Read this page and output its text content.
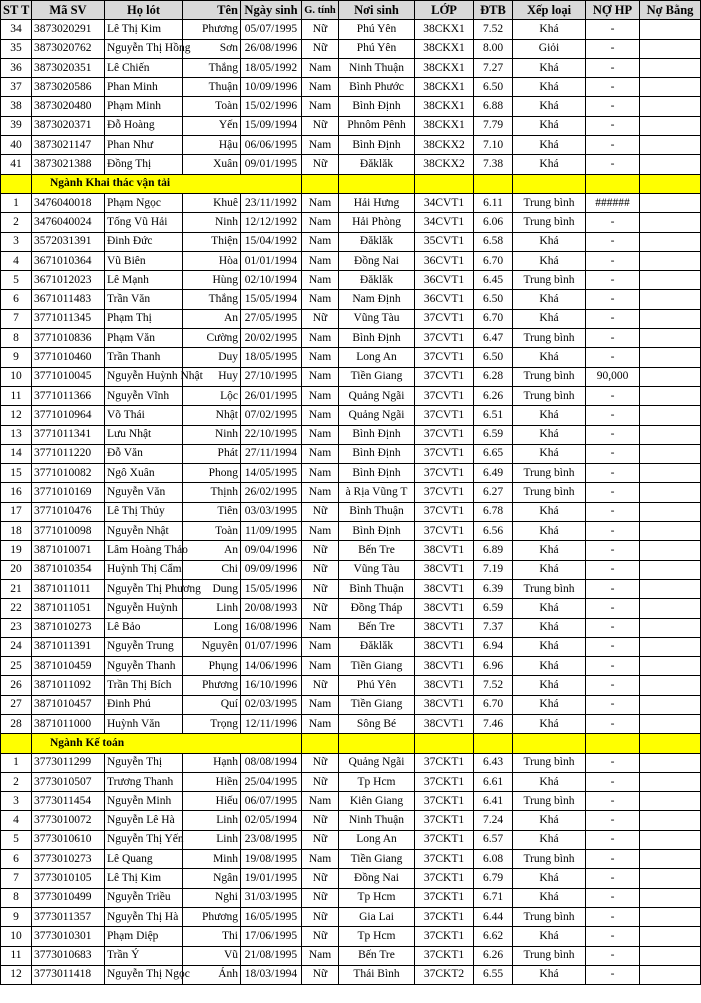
ST T	Mã SV	Họ lót	Tên	Ngày sinh	G. tính	Nơi sinh	LỚP	ĐTB	Xếp loại	NỢ HP	Nợ Bằng
34	3873020291	Lê Thị Kim	Phương	05/07/1995	Nữ	Phú Yên	38CKX1	7.52	Khá	-	
35	3873020762	Nguyễn Thị Hồng	Sơn	26/08/1996	Nữ	Phú Yên	38CKX1	8.00	Giỏi	-	
36	3873020351	Lê Chiến	Thắng	18/05/1992	Nam	Ninh Thuận	38CKX1	7.27	Khá	-	
37	3873020586	Phan Minh	Thuận	10/09/1996	Nam	Bình Phước	38CKX1	6.50	Khá	-	
38	3873020480	Phạm Minh	Toàn	15/02/1996	Nam	Bình Định	38CKX1	6.88	Khá	-	
39	3873020371	Đỗ Hoàng	Yến	15/09/1994	Nữ	Phnôm Pênh	38CKX1	7.79	Khá	-	
40	3873021147	Phan Như	Hậu	06/06/1995	Nam	Bình Định	38CKX2	7.10	Khá	-	
41	3873021388	Đồng Thị	Xuân	09/01/1995	Nữ	Đăklăk	38CKX2	7.38	Khá	-	
	Ngành Khai thác vận tải										
1	3476040018	Phạm Ngọc	Khuê	23/11/1992	Nam	Hải Hưng	34CVT1	6.11	Trung bình	######	
2	3476040024	Tống Vũ Hải	Ninh	12/12/1992	Nam	Hải Phòng	34CVT1	6.06	Trung bình	-	
3	3572031391	Đinh Đức	Thiện	15/04/1992	Nam	Đăklăk	35CVT1	6.58	Khá	-	
4	3671010364	Vũ Biên	Hòa	01/01/1994	Nam	Đồng Nai	36CVT1	6.70	Khá	-	
5	3671012023	Lê Mạnh	Hùng	02/10/1994	Nam	Đăklăk	36CVT1	6.45	Trung bình	-	
6	3671011483	Trần Văn	Thắng	15/05/1994	Nam	Nam Định	36CVT1	6.50	Khá	-	
7	3771011345	Phạm Thị	An	27/05/1995	Nữ	Vũng Tàu	37CVT1	6.70	Khá	-	
8	3771010836	Phạm Văn	Cường	20/02/1995	Nam	Bình Định	37CVT1	6.47	Trung bình	-	
9	3771010460	Trần Thanh	Duy	18/05/1995	Nam	Long An	37CVT1	6.50	Khá	-	
10	3771010045	Nguyễn Huỳnh Nhật	Huy	27/10/1995	Nam	Tiền Giang	37CVT1	6.28	Trung bình	90,000	
11	3771011366	Nguyễn Vĩnh	Lộc	26/01/1995	Nam	Quảng Ngãi	37CVT1	6.26	Trung bình	-	
12	3771010964	Võ Thái	Nhật	07/02/1995	Nam	Quảng Ngãi	37CVT1	6.51	Khá	-	
13	3771011341	Lưu Nhật	Ninh	22/10/1995	Nam	Bình Định	37CVT1	6.59	Khá	-	
14	3771011220	Đỗ Văn	Phát	27/11/1994	Nam	Bình Định	37CVT1	6.65	Khá	-	
15	3771010082	Ngô Xuân	Phong	14/05/1995	Nam	Bình Định	37CVT1	6.49	Trung bình	-	
16	3771010169	Nguyễn Văn	Thịnh	26/02/1995	Nam	à Rịa Vũng T	37CVT1	6.27	Trung bình	-	
17	3771010476	Lê Thị Thủy	Tiên	03/03/1995	Nữ	Bình Thuận	37CVT1	6.78	Khá	-	
18	3771010098	Nguyễn Nhật	Toàn	11/09/1995	Nam	Bình Định	37CVT1	6.56	Khá	-	
19	3871010071	Lâm Hoàng Thảo	An	09/04/1996	Nữ	Bến Tre	38CVT1	6.89	Khá	-	
20	3871010354	Huỳnh Thị Cẩm	Chi	09/09/1996	Nữ	Vũng Tàu	38CVT1	7.19	Khá	-	
21	3871011011	Nguyễn Thị Phương	Dung	15/05/1996	Nữ	Bình Thuận	38CVT1	6.39	Trung bình	-	
22	3871011051	Nguyễn Huỳnh	Linh	20/08/1993	Nữ	Đồng Tháp	38CVT1	6.59	Khá	-	
23	3871010273	Lê Bảo	Long	16/08/1996	Nam	Bến Tre	38CVT1	7.37	Khá	-	
24	3871011391	Nguyễn Trung	Nguyên	01/07/1996	Nam	Đăklăk	38CVT1	6.94	Khá	-	
25	3871010459	Nguyễn Thanh	Phụng	14/06/1996	Nam	Tiền Giang	38CVT1	6.96	Khá	-	
26	3871011092	Trần Thị Bích	Phương	16/10/1996	Nữ	Phú Yên	38CVT1	7.52	Khá	-	
27	3871010457	Đinh Phú	Quí	02/03/1995	Nam	Tiền Giang	38CVT1	6.70	Khá	-	
28	3871011000	Huỳnh Văn	Trọng	12/11/1996	Nam	Sông Bé	38CVT1	7.46	Khá	-	
	Ngành Kế toán										
1	3773011299	Nguyễn Thị	Hạnh	08/08/1994	Nữ	Quảng Ngãi	37CKT1	6.43	Trung bình	-	
2	3773010507	Trương Thanh	Hiền	25/04/1995	Nữ	Tp Hcm	37CKT1	6.61	Khá	-	
3	3773011454	Nguyễn Minh	Hiếu	06/07/1995	Nam	Kiên Giang	37CKT1	6.41	Trung bình	-	
4	3773010072	Nguyễn Lê Hà	Linh	02/05/1994	Nữ	Ninh Thuận	37CKT1	7.24	Khá	-	
5	3773010610	Nguyễn Thị Yến	Linh	23/08/1995	Nữ	Long An	37CKT1	6.57	Khá	-	
6	3773010273	Lê Quang	Minh	19/08/1995	Nam	Tiền Giang	37CKT1	6.08	Trung bình	-	
7	3773010105	Lê Thị Kim	Ngân	19/01/1995	Nữ	Đồng Nai	37CKT1	6.79	Khá	-	
8	3773010499	Nguyễn Triều	Nghi	31/03/1995	Nữ	Tp Hcm	37CKT1	6.71	Khá	-	
9	3773011357	Nguyễn Thị Hà	Phương	16/05/1995	Nữ	Gia Lai	37CKT1	6.44	Trung bình	-	
10	3773010301	Phạm Diệp	Thi	17/06/1995	Nữ	Tp Hcm	37CKT1	6.62	Khá	-	
11	3773010683	Trần Ý	Vũ	21/08/1995	Nam	Bến Tre	37CKT1	6.26	Trung bình	-	
12	3773011418	Nguyễn Thị Ngọc	Ánh	18/03/1994	Nữ	Thái Bình	37CKT2	6.55	Khá	-	
